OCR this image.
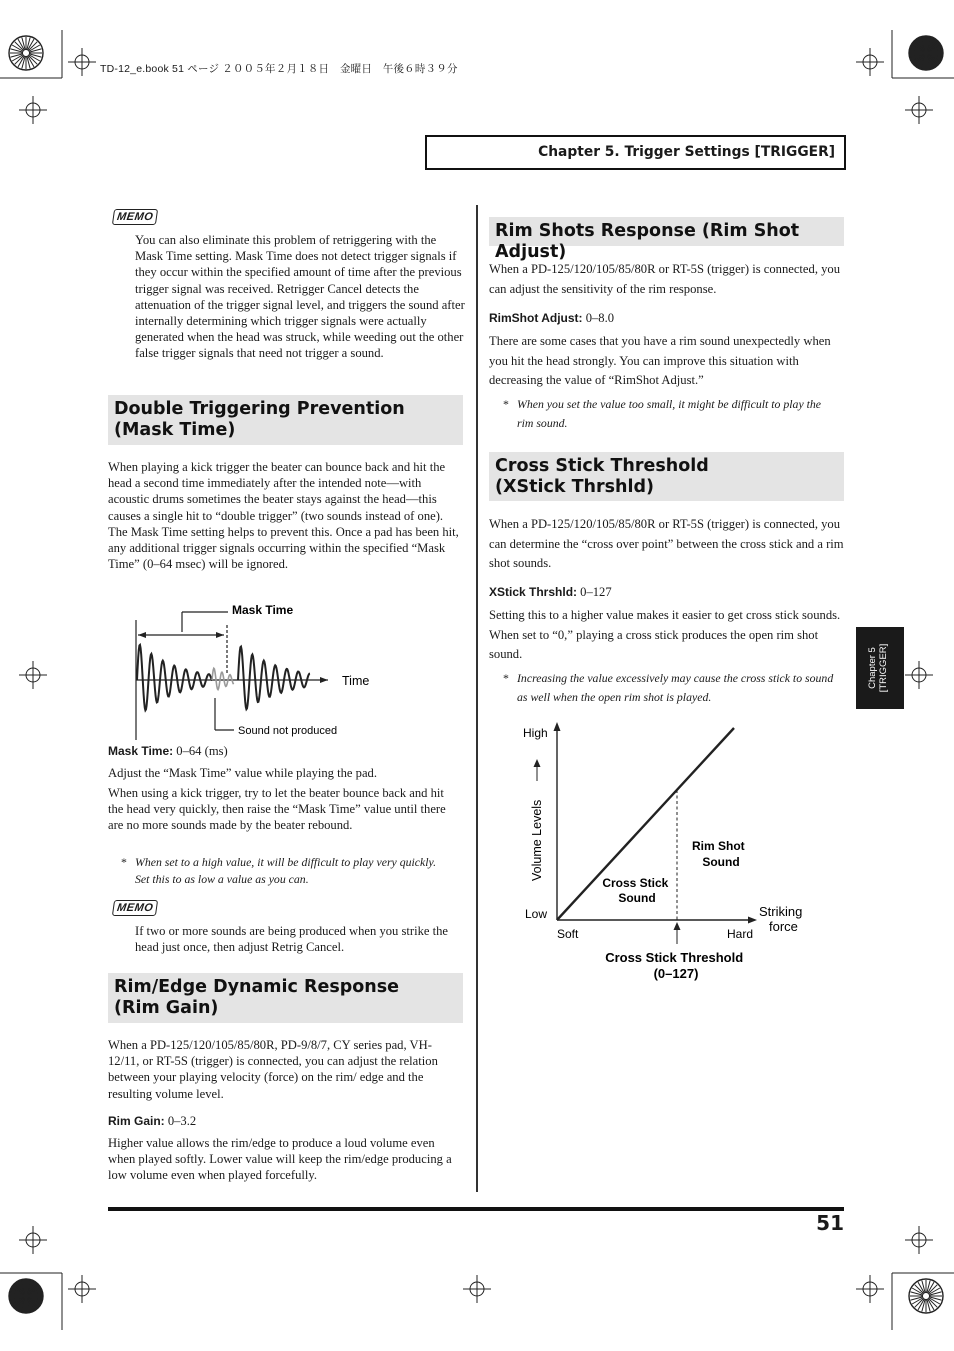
TD-12_e.book 51 ページ ２００５年２月１８日　金曜日　午後６時３９分
Chapter 5. Trigger Settings [TRIGGER]
MEMO
You can also eliminate this problem of retriggering with the Mask Time setting. Mask Time does not detect trigger signals if they occur within the specified amount of time after the previous trigger signal was received. Retrigger Cancel detects the attenuation of the trigger signal level, and triggers the sound after internally determining which trigger signals were actually generated when the head was struck, while weeding out the other false trigger signals that need not trigger a sound.
Double Triggering Prevention
(Mask Time)
When playing a kick trigger the beater can bounce back and hit the head a second time immediately after the intended note—with acoustic drums sometimes the beater stays against the head—this causes a single hit to “double trigger” (two sounds instead of one). The Mask Time setting helps to prevent this. Once a pad has been hit, any additional trigger signals occurring within the specified “Mask Time” (0–64 msec) will be ignored.
Mask Time
Time
Sound not produced
Mask Time: 0–64 (ms)
Adjust the “Mask Time” value while playing the pad.
When using a kick trigger, try to let the beater bounce back and hit the head very quickly, then raise the “Mask Time” value until there are no more sounds made by the beater rebound.
* When set to a high value, it will be difficult to play very quickly. Set this to as low a value as you can.
MEMO
If two or more sounds are being produced when you strike the head just once, then adjust Retrig Cancel.
Rim/Edge Dynamic Response
(Rim Gain)
When a PD-125/120/105/85/80R, PD-9/8/7, CY series pad, VH-12/11, or RT-5S (trigger) is connected, you can adjust the relation between your playing velocity (force) on the rim/ edge and the resulting volume level.
Rim Gain: 0–3.2
Higher value allows the rim/edge to produce a loud volume even when played softly. Lower value will keep the rim/edge producing a low volume even when played forcefully.
Rim Shots Response (Rim Shot Adjust)
When a PD-125/120/105/85/80R or RT-5S (trigger) is connected, you can adjust the sensitivity of the rim response.
RimShot Adjust: 0–8.0
There are some cases that you have a rim sound unexpectedly when you hit the head strongly. You can improve this situation with decreasing the value of “RimShot Adjust.”
* When you set the value too small, it might be difficult to play the rim sound.
Cross Stick Threshold
(XStick Thrshld)
When a PD-125/120/105/85/80R or RT-5S (trigger) is connected, you can determine the “cross over point” between the cross stick and a rim shot sounds.
XStick Thrshld: 0–127
Setting this to a higher value makes it easier to get cross stick sounds. When set to “0,” playing a cross stick produces the open rim shot sound.
* Increasing the value excessively may cause the cross stick to sound as well when the open rim shot is played.
High
Low
Soft	Hard
Volume Levels
Striking
force
Rim Shot Sound
Cross Stick Sound
Cross Stick Threshold (0–127)
Chapter 5 [TRIGGER]
51
